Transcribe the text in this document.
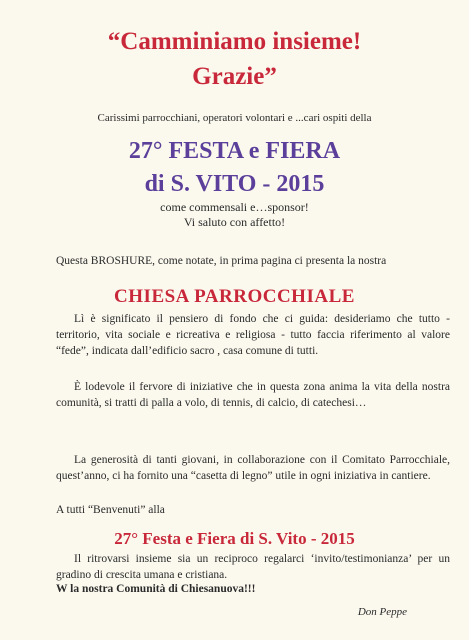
“Camminiamo insieme!
Grazie”
Carissimi parrocchiani, operatori volontari e ...cari ospiti della
27° FESTA e FIERA
di S. VITO - 2015
come commensali e…sponsor!
Vi saluto con affetto!
Questa BROSHURE, come notate, in prima pagina ci presenta la nostra
CHIESA PARROCCHIALE
Lì è significato il pensiero di fondo che ci guida: desideriamo che tutto - territorio, vita sociale e ricreativa e religiosa - tutto faccia riferimento al valore “fede”, indicata dall’edificio sacro , casa comune di tutti.
È lodevole il fervore di iniziative che in questa zona anima la vita della nostra comunità, si tratti di palla a volo, di tennis, di calcio, di catechesi…
La generosità di tanti giovani, in collaborazione con il Comitato Parrocchiale, quest’anno, ci ha fornito una “casetta di legno” utile in ogni iniziativa in cantiere.
A tutti “Benvenuti” alla
27° Festa e Fiera di S. Vito - 2015
Il ritrovarsi insieme sia un reciproco regalarci ‘invito/testimonianza’ per un gradino di crescita umana e cristiana.
W la nostra Comunità di Chiesanuova!!!
Don Peppe
